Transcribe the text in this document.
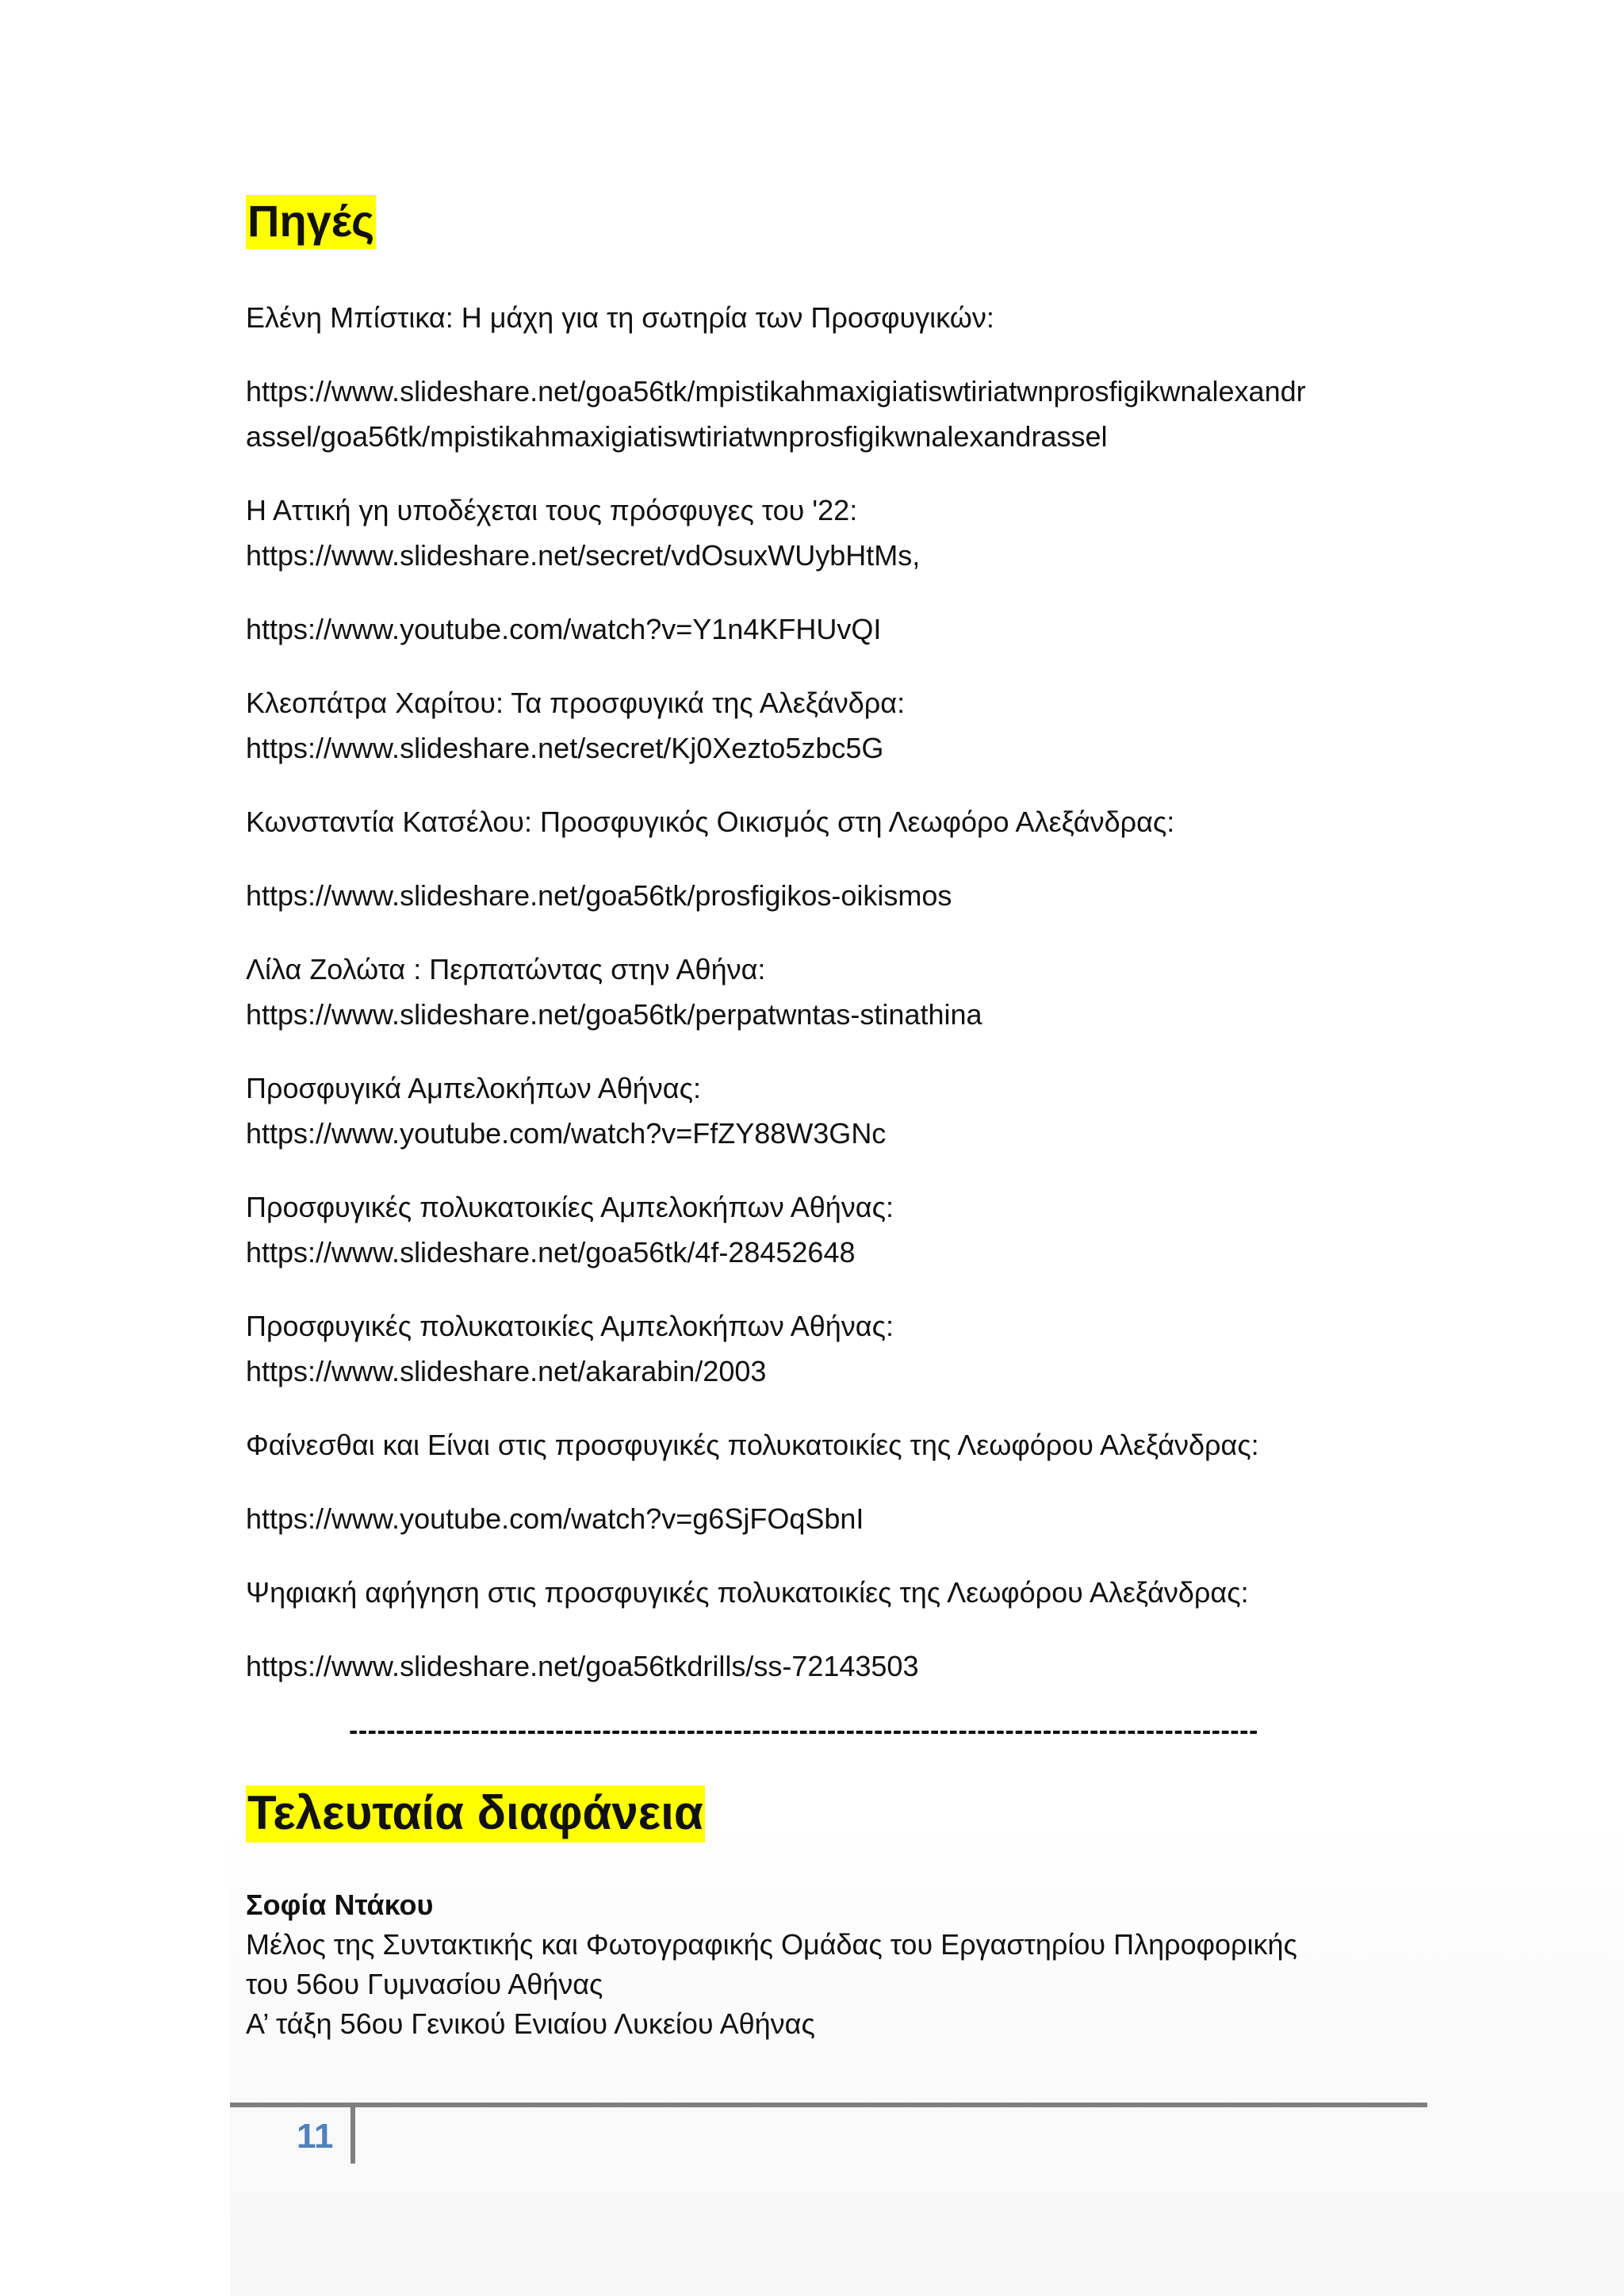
Πηγές
Ελένη Μπίστικα: Η μάχη για τη σωτηρία των Προσφυγικών:
https://www.slideshare.net/goa56tk/mpistikahmaxigiatiswtiriatwnprosfigikwnalexandr
assel/goa56tk/mpistikahmaxigiatiswtiriatwnprosfigikwnalexandrassel
Η Αττική γη υποδέχεται τους πρόσφυγες του '22:
https://www.slideshare.net/secret/vdOsuxWUybHtMs,
https://www.youtube.com/watch?v=Y1n4KFHUvQI
Κλεοπάτρα Χαρίτου: Τα προσφυγικά της Αλεξάνδρα:
https://www.slideshare.net/secret/Kj0Xezto5zbc5G
Κωνσταντία Κατσέλου: Προσφυγικός Οικισμός στη Λεωφόρο Αλεξάνδρας:
https://www.slideshare.net/goa56tk/prosfigikos-oikismos
Λίλα Ζολώτα : Περπατώντας στην Αθήνα:
https://www.slideshare.net/goa56tk/perpatwntas-stinathina
Προσφυγικά Αμπελοκήπων Αθήνας:
https://www.youtube.com/watch?v=FfZY88W3GNc
Προσφυγικές πολυκατοικίες Αμπελοκήπων Αθήνας:
https://www.slideshare.net/goa56tk/4f-28452648
Προσφυγικές πολυκατοικίες Αμπελοκήπων Αθήνας:
https://www.slideshare.net/akarabin/2003
Φαίνεσθαι και Είναι στις προσφυγικές πολυκατοικίες της Λεωφόρου Αλεξάνδρας:
https://www.youtube.com/watch?v=g6SjFOqSbnI
Ψηφιακή αφήγηση στις προσφυγικές πολυκατοικίες της Λεωφόρου Αλεξάνδρας:
https://www.slideshare.net/goa56tkdrills/ss-72143503
-------------------------------------------------------------------------------------------------
Τελευταία διαφάνεια
Σοφία Ντάκου
Μέλος της Συντακτικής και Φωτογραφικής Ομάδας του Εργαστηρίου Πληροφορικής
του 56ου Γυμνασίου Αθήνας
Α’ τάξη 56ου Γενικού Ενιαίου Λυκείου Αθήνας
11
